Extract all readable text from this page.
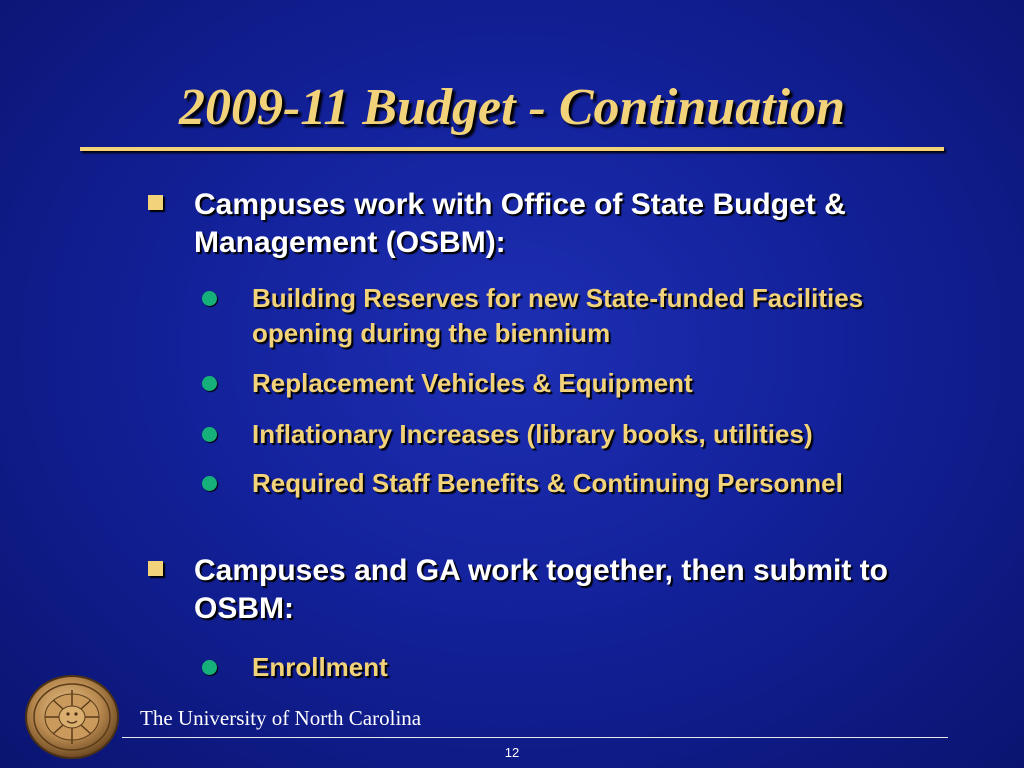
2009-11 Budget - Continuation
Campuses work with Office of State Budget & Management (OSBM):
Building Reserves for new State-funded Facilities opening during the biennium
Replacement Vehicles & Equipment
Inflationary Increases (library books, utilities)
Required Staff Benefits & Continuing Personnel
Campuses and GA work together, then submit to OSBM:
Enrollment
The University of North Carolina
12
